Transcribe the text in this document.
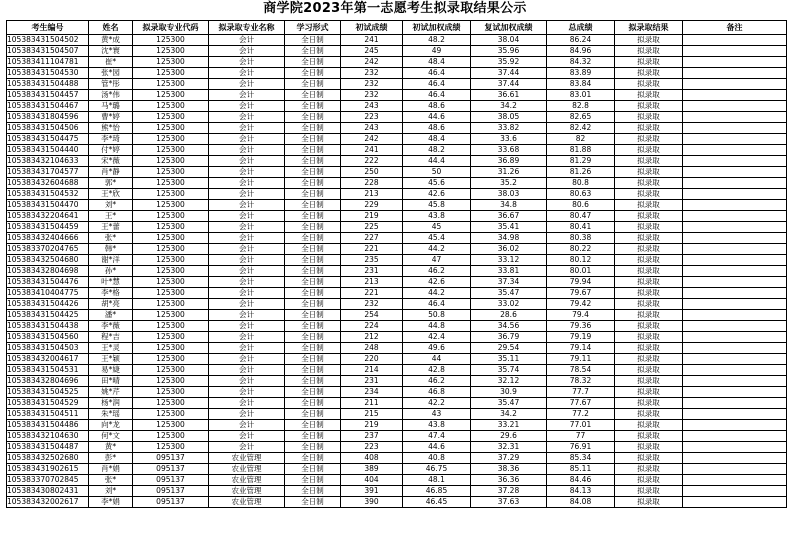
商学院2023年第一志愿考生拟录取结果公示
考生编号	姓名	拟录取专业代码	拟录取专业名称	学习形式	初试成绩	初试加权成绩	复试加权成绩	总成绩	拟录取结果	备注
105383431504502	黄*成	125300	会计	全日制	241	48.2	38.04	86.24	拟录取	
105383431504507	沈*寰	125300	会计	全日制	245	49	35.96	84.96	拟录取	
105383411104781	崔*	125300	会计	全日制	242	48.4	35.92	84.32	拟录取	
105383431504530	张*园	125300	会计	全日制	232	46.4	37.44	83.89	拟录取	
105383431504488	管*彤	125300	会计	全日制	232	46.4	37.44	83.84	拟录取	
105383431504457	汤*伟	125300	会计	全日制	232	46.4	36.61	83.01	拟录取	
105383431504467	马*璐	125300	会计	全日制	243	48.6	34.2	82.8	拟录取	
105383431804596	曹*婷	125300	会计	全日制	223	44.6	38.05	82.65	拟录取	
105383431504506	熊*怡	125300	会计	全日制	243	48.6	33.82	82.42	拟录取	
105383431504475	李*琦	125300	会计	全日制	242	48.4	33.6	82	拟录取	
105383431504440	付*婷	125300	会计	全日制	241	48.2	33.68	81.88	拟录取	
105383432104633	宋*薇	125300	会计	全日制	222	44.4	36.89	81.29	拟录取	
105383431704577	肖*静	125300	会计	全日制	250	50	31.26	81.26	拟录取	
105383432604688	郭*	125300	会计	全日制	228	45.6	35.2	80.8	拟录取	
105383431504532	王*欣	125300	会计	全日制	213	42.6	38.03	80.63	拟录取	
105383431504470	刘*	125300	会计	全日制	229	45.8	34.8	80.6	拟录取	
105383432204641	王*	125300	会计	全日制	219	43.8	36.67	80.47	拟录取	
105383431504459	王*蕾	125300	会计	全日制	225	45	35.41	80.41	拟录取	
105383432404666	张*	125300	会计	全日制	227	45.4	34.98	80.38	拟录取	
105383370204765	韩*	125300	会计	全日制	221	44.2	36.02	80.22	拟录取	
105383432504680	谢*洋	125300	会计	全日制	235	47	33.12	80.12	拟录取	
105383432804698	孙*	125300	会计	全日制	231	46.2	33.81	80.01	拟录取	
105383431504476	叶*慧	125300	会计	全日制	213	42.6	37.34	79.94	拟录取	
105383410404775	李*格	125300	会计	全日制	221	44.2	35.47	79.67	拟录取	
105383431504426	胡*亮	125300	会计	全日制	232	46.4	33.02	79.42	拟录取	
105383431504425	潘*	125300	会计	全日制	254	50.8	28.6	79.4	拟录取	
105383431504438	李*薇	125300	会计	全日制	224	44.8	34.56	79.36	拟录取	
105383431504560	程*吉	125300	会计	全日制	212	42.4	36.79	79.19	拟录取	
105383431504503	王*灵	125300	会计	全日制	248	49.6	29.54	79.14	拟录取	
105383432004617	王*颖	125300	会计	全日制	220	44	35.11	79.11	拟录取	
105383431504531	易*婕	125300	会计	全日制	214	42.8	35.74	78.54	拟录取	
105383432804696	田*晴	125300	会计	全日制	231	46.2	32.12	78.32	拟录取	
105383431504525	姚*芹	125300	会计	全日制	234	46.8	30.9	77.7	拟录取	
105383431504529	杨*润	125300	会计	全日制	211	42.2	35.47	77.67	拟录取	
105383431504511	朱*瑶	125300	会计	全日制	215	43	34.2	77.2	拟录取	
105383431504486	向*龙	125300	会计	全日制	219	43.8	33.21	77.01	拟录取	
105383432104630	何*文	125300	会计	全日制	237	47.4	29.6	77	拟录取	
105383431504487	黄*	125300	会计	全日制	223	44.6	32.31	76.91	拟录取	
105383432502680	彭*	095137	农业管理	全日制	408	40.8	37.29	85.34	拟录取	
105383431902615	肖*娟	095137	农业管理	全日制	389	46.75	38.36	85.11	拟录取	
105383370702845	张*	095137	农业管理	全日制	404	48.1	36.36	84.46	拟录取	
105383430802431	刘*	095137	农业管理	全日制	391	46.85	37.28	84.13	拟录取	
105383432002617	李*娟	095137	农业管理	全日制	390	46.45	37.63	84.08	拟录取	
